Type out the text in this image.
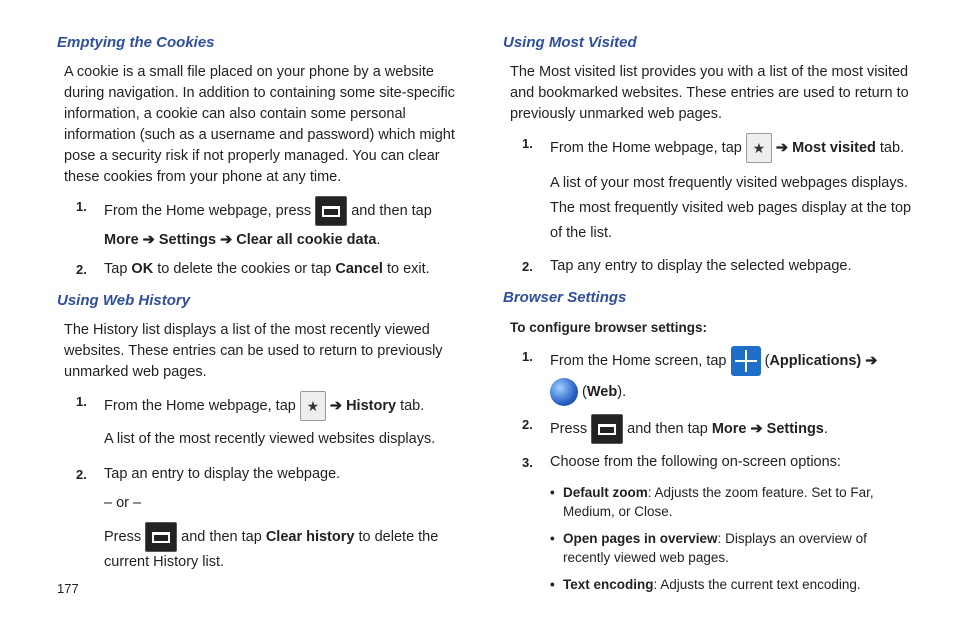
Emptying the Cookies
A cookie is a small file placed on your phone by a website during navigation. In addition to containing some site-specific information, a cookie can also contain some personal information (such as a username and password) which might pose a security risk if not properly managed. You can clear these cookies from your phone at any time.
1. From the Home webpage, press	and then tap
More ➔ Settings ➔ Clear all cookie data.
2. Tap OK to delete the cookies or tap Cancel to exit.
Using Web History
The History list displays a list of the most recently viewed websites. These entries can be used to return to previously unmarked web pages.
1. From the Home webpage, tap ★ ➔ History tab.
A list of the most recently viewed websites displays.
2. Tap an entry to display the webpage.
– or –
Press	and then tap Clear history to delete the current History list.
Using Most Visited
The Most visited list provides you with a list of the most visited and bookmarked websites. These entries are used to return to previously unmarked web pages.
1. From the Home webpage, tap ★ ➔ Most visited tab.
A list of your most frequently visited webpages displays. The most frequently visited web pages display at the top of the list.
2. Tap any entry to display the selected webpage.
Browser Settings
To configure browser settings:
1. From the Home screen, tap	(Applications) ➔
(Web).
2. Press	and then tap More ➔ Settings.
3. Choose from the following on-screen options:
• Default zoom: Adjusts the zoom feature. Set to Far, Medium, or Close.
• Open pages in overview: Displays an overview of recently viewed web pages.
• Text encoding: Adjusts the current text encoding.
177
